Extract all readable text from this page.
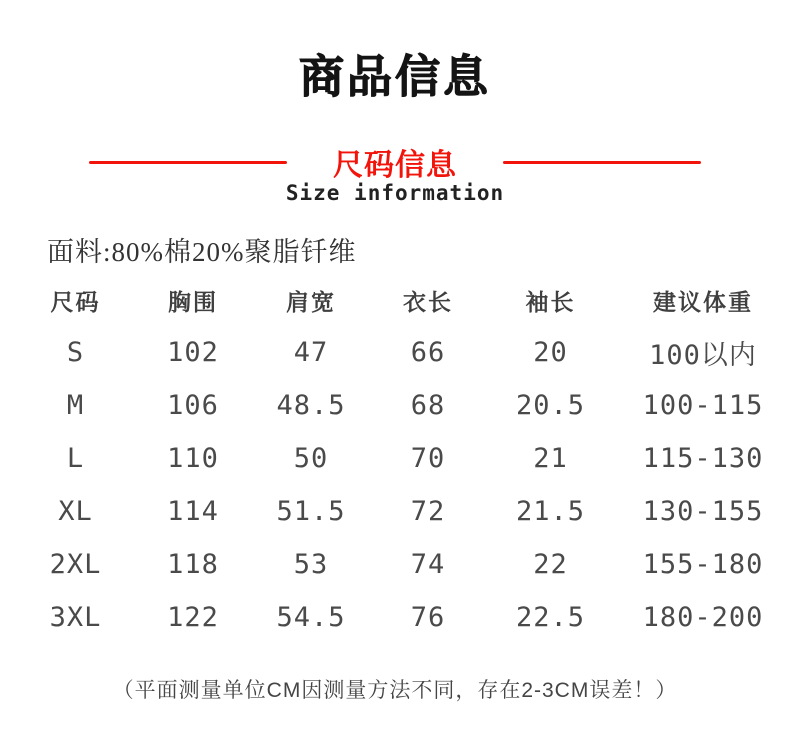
商品信息
尺码信息
Size information
面料:80%棉20%聚脂钎维
尺码	胸围	肩宽	衣长	袖长	建议体重
S	102	47	66	20	100以内
M	106	48.5	68	20.5	100-115
L	110	50	70	21	115-130
XL	114	51.5	72	21.5	130-155
2XL	118	53	74	22	155-180
3XL	122	54.5	76	22.5	180-200
（平面测量单位CM因测量方法不同，存在2-3CM误差！）
